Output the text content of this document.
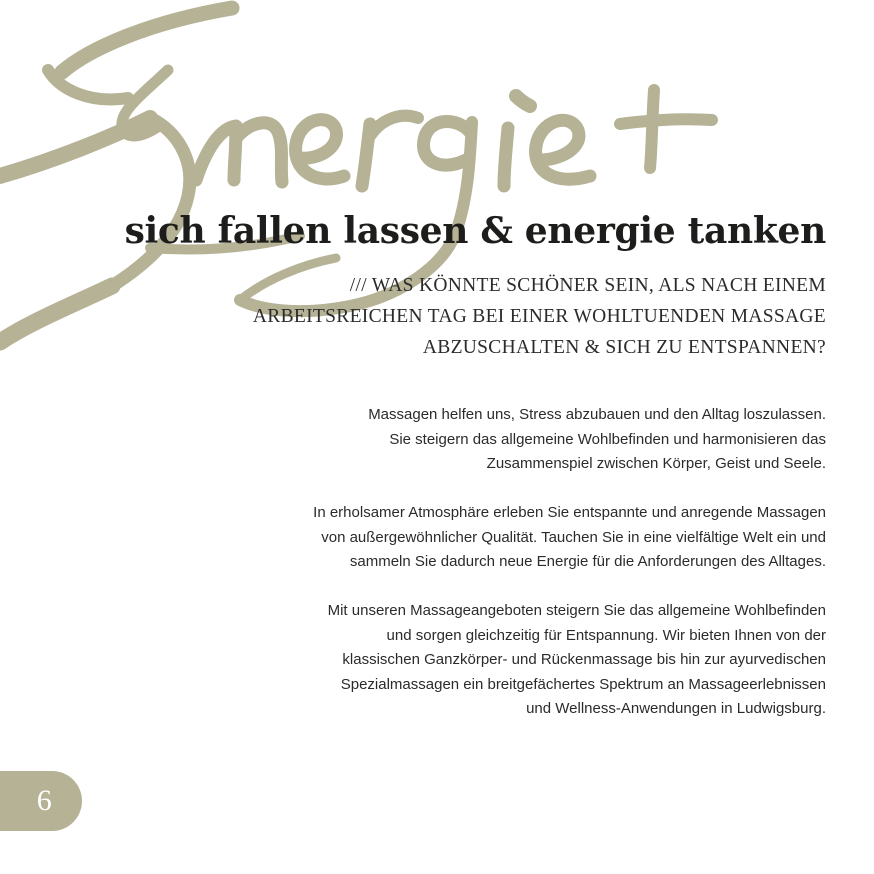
sich fallen lassen & energie tanken
/// WAS KÖNNTE SCHÖNER SEIN, ALS NACH EINEM
ARBEITSREICHEN TAG BEI EINER WOHLTUENDEN MASSAGE
ABZUSCHALTEN & SICH ZU ENTSPANNEN?

Massagen helfen uns, Stress abzubauen und den Alltag loszulassen.
Sie steigern das allgemeine Wohlbefinden und harmonisieren das
Zusammenspiel zwischen Körper, Geist und Seele.

In erholsamer Atmosphäre erleben Sie entspannte und anregende Massagen
von außergewöhnlicher Qualität. Tauchen Sie in eine vielfältige Welt ein und
sammeln Sie dadurch neue Energie für die Anforderungen des Alltages.

Mit unseren Massageangeboten steigern Sie das allgemeine Wohlbefinden
und sorgen gleichzeitig für Entspannung. Wir bieten Ihnen von der
klassischen Ganzkörper- und Rückenmassage bis hin zur ayurvedischen
Spezialmassagen ein breitgefächertes Spektrum an Massageerlebnissen
und Wellness-Anwendungen in Ludwigsburg.

6
